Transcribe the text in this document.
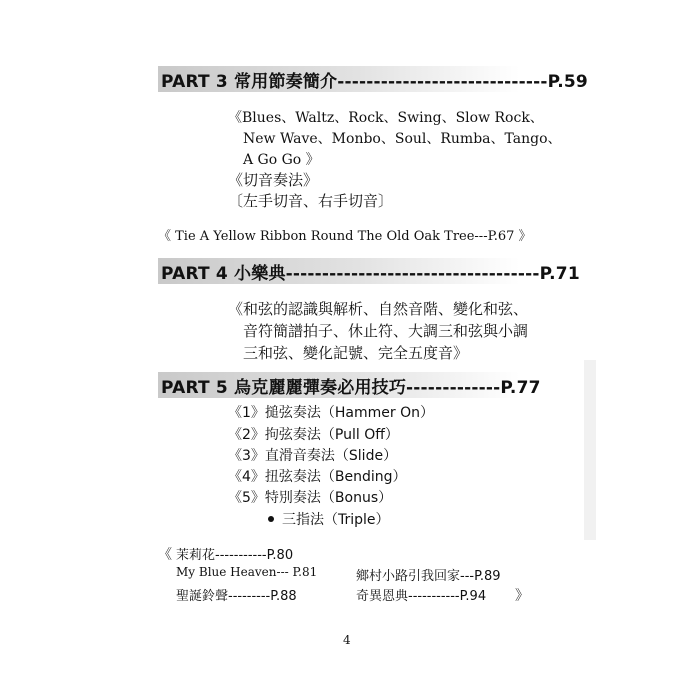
PART 3 常用節奏簡介-----------------------------P.59
《Blues、Waltz、Rock、Swing、Slow Rock、
New Wave、Monbo、Soul、Rumba、Tango、
A Go Go 》
《切音奏法》
〔左手切音、右手切音〕
《 Tie A Yellow Ribbon Round The Old Oak Tree---P.67 》
PART 4 小樂典-----------------------------------P.71
《和弦的認識與解析、自然音階、變化和弦、
音符簡譜拍子、休止符、大調三和弦與小調
三和弦、變化記號、完全五度音》
PART 5 烏克麗麗彈奏必用技巧-------------P.77
《1》搥弦奏法（Hammer On）
《2》拘弦奏法（Pull Off）
《3》直滑音奏法（Slide）
《4》扭弦奏法（Bending）
《5》特別奏法（Bonus）
三指法（Triple）
《 茉莉花-----------P.80
My Blue Heaven--- P.81
聖誕鈴聲---------P.88
鄉村小路引我回家---P.89
奇異恩典-----------P.94 》
4
